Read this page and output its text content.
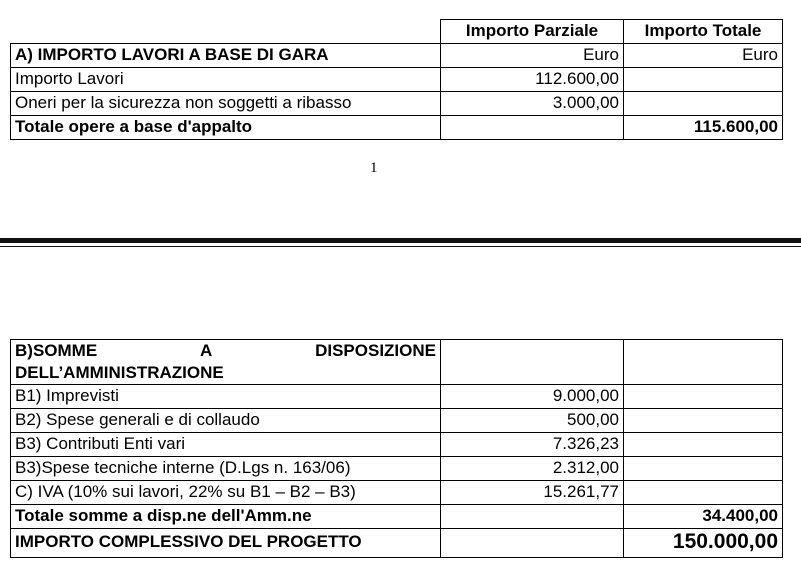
	Importo Parziale	Importo Totale
A) IMPORTO LAVORI A BASE DI GARA	Euro	Euro
Importo Lavori	112.600,00	
Oneri per la sicurezza non soggetti a ribasso	3.000,00	
Totale opere a base d'appalto		115.600,00
1
B)SOMME A DISPOSIZIONE
DELL’AMMINISTRAZIONE		

B1) Imprevisti	9.000,00	
B2) Spese generali e di collaudo	500,00	
B3) Contributi Enti vari	7.326,23	
B3)Spese tecniche interne (D.Lgs n. 163/06)	2.312,00	
C) IVA (10% sui lavori, 22% su B1 – B2 – B3)	15.261,77	
Totale somme a disp.ne dell'Amm.ne		34.400,00
IMPORTO COMPLESSIVO DEL PROGETTO		150.000,00
